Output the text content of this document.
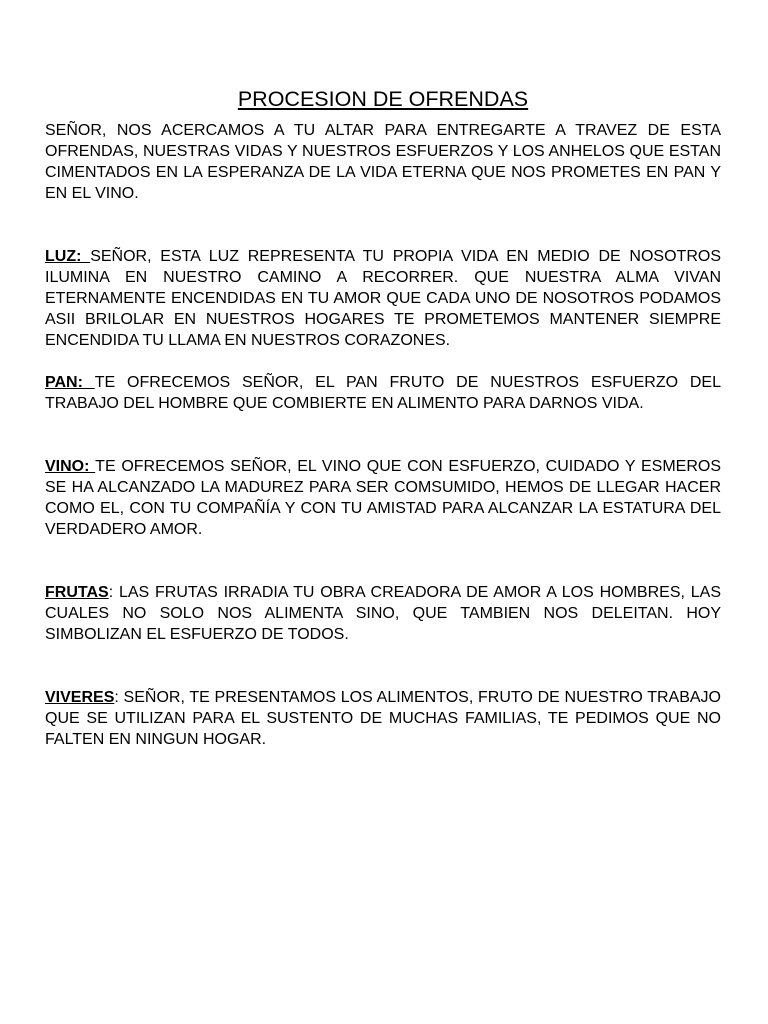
PROCESION DE OFRENDAS

SEÑOR, NOS ACERCAMOS A TU ALTAR PARA ENTREGARTE A TRAVEZ DE ESTA OFRENDAS, NUESTRAS VIDAS Y NUESTROS ESFUERZOS Y LOS ANHELOS QUE ESTAN CIMENTADOS EN LA ESPERANZA DE LA VIDA ETERNA QUE NOS PROMETES EN PAN Y EN EL VINO.

LUZ: SEÑOR, ESTA LUZ REPRESENTA TU PROPIA VIDA EN MEDIO DE NOSOTROS ILUMINA EN NUESTRO CAMINO A RECORRER. QUE NUESTRA ALMA VIVAN ETERNAMENTE ENCENDIDAS EN TU AMOR QUE CADA UNO DE NOSOTROS PODAMOS ASII BRILOLAR EN NUESTROS HOGARES TE PROMETEMOS MANTENER SIEMPRE ENCENDIDA TU LLAMA EN NUESTROS CORAZONES.

PAN: TE OFRECEMOS SEÑOR, EL PAN FRUTO DE NUESTROS ESFUERZO DEL TRABAJO DEL HOMBRE QUE COMBIERTE EN ALIMENTO PARA DARNOS VIDA.

VINO: TE OFRECEMOS SEÑOR, EL VINO QUE CON ESFUERZO, CUIDADO Y ESMEROS SE HA ALCANZADO LA MADUREZ PARA SER COMSUMIDO, HEMOS DE LLEGAR HACER COMO EL, CON TU COMPAÑÍA Y CON TU AMISTAD PARA ALCANZAR LA ESTATURA DEL VERDADERO AMOR.

FRUTAS: LAS FRUTAS IRRADIA TU OBRA CREADORA DE AMOR A LOS HOMBRES, LAS CUALES NO SOLO NOS ALIMENTA SINO, QUE TAMBIEN NOS DELEITAN. HOY SIMBOLIZAN EL ESFUERZO DE TODOS.

VIVERES: SEÑOR, TE PRESENTAMOS LOS ALIMENTOS, FRUTO DE NUESTRO TRABAJO QUE SE UTILIZAN PARA EL SUSTENTO DE MUCHAS FAMILIAS, TE PEDIMOS QUE NO FALTEN EN NINGUN HOGAR.
